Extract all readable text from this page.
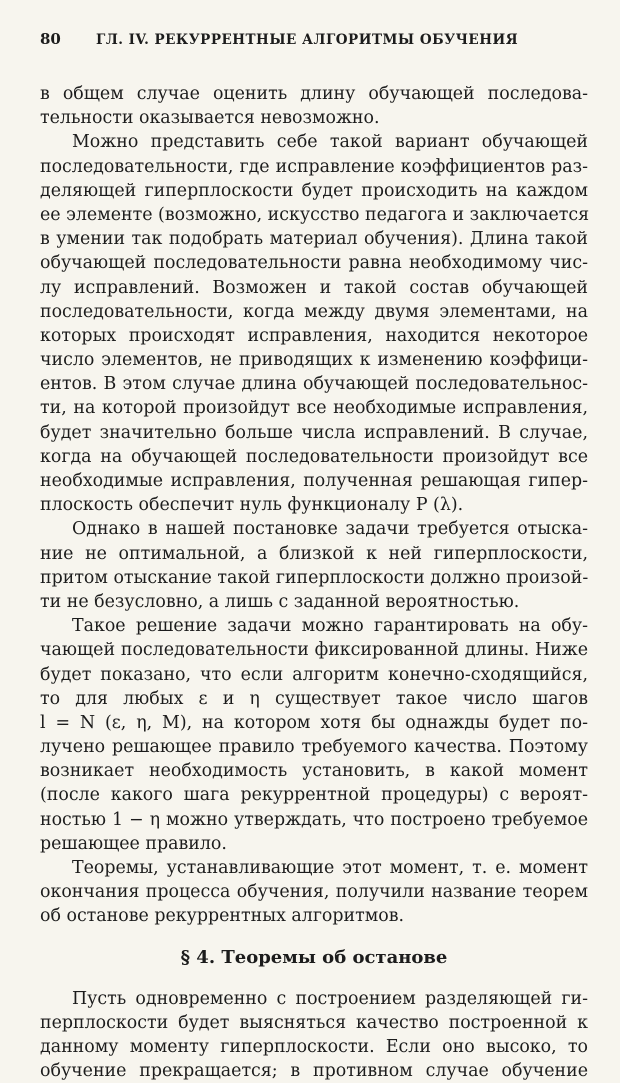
80	ГЛ. IV. РЕКУРРЕНТНЫЕ АЛГОРИТМЫ ОБУЧЕНИЯ
в общем случае оценить длину обучающей последова-
тельности оказывается невозможно.
Можно представить себе такой вариант обучающей
последовательности, где исправление коэффициентов раз-
деляющей гиперплоскости будет происходить на каждом
ее элементе (возможно, искусство педагога и заключается
в умении так подобрать материал обучения). Длина такой
обучающей последовательности равна необходимому чис-
лу исправлений. Возможен и такой состав обучающей
последовательности, когда между двумя элементами, на
которых происходят исправления, находится некоторое
число элементов, не приводящих к изменению коэффици-
ентов. В этом случае длина обучающей последовательнос-
ти, на которой произойдут все необходимые исправления,
будет значительно больше числа исправлений. В случае,
когда на обучающей последовательности произойдут все
необходимые исправления, полученная решающая гипер-
плоскость обеспечит нуль функционалу P (λ).
Однако в нашей постановке задачи требуется отыска-
ние не оптимальной, а близкой к ней гиперплоскости,
притом отыскание такой гиперплоскости должно произой-
ти не безусловно, а лишь с заданной вероятностью.
Такое решение задачи можно гарантировать на обу-
чающей последовательности фиксированной длины. Ниже
будет показано, что если алгоритм конечно-сходящийся,
то для любых ε и η существует такое число шагов
l = N (ε, η, M), на котором хотя бы однажды будет по-
лучено решающее правило требуемого качества. Поэтому
возникает необходимость установить, в какой момент
(после какого шага рекуррентной процедуры) с вероят-
ностью 1 − η можно утверждать, что построено требуемое
решающее правило.
Теоремы, устанавливающие этот момент, т. е. момент
окончания процесса обучения, получили название теорем
об останове рекуррентных алгоритмов.
§ 4. Теоремы об останове
Пусть одновременно с построением разделяющей ги-
перплоскости будет выясняться качество построенной к
данному моменту гиперплоскости. Если оно высоко, то
обучение прекращается; в противном случае обучение
